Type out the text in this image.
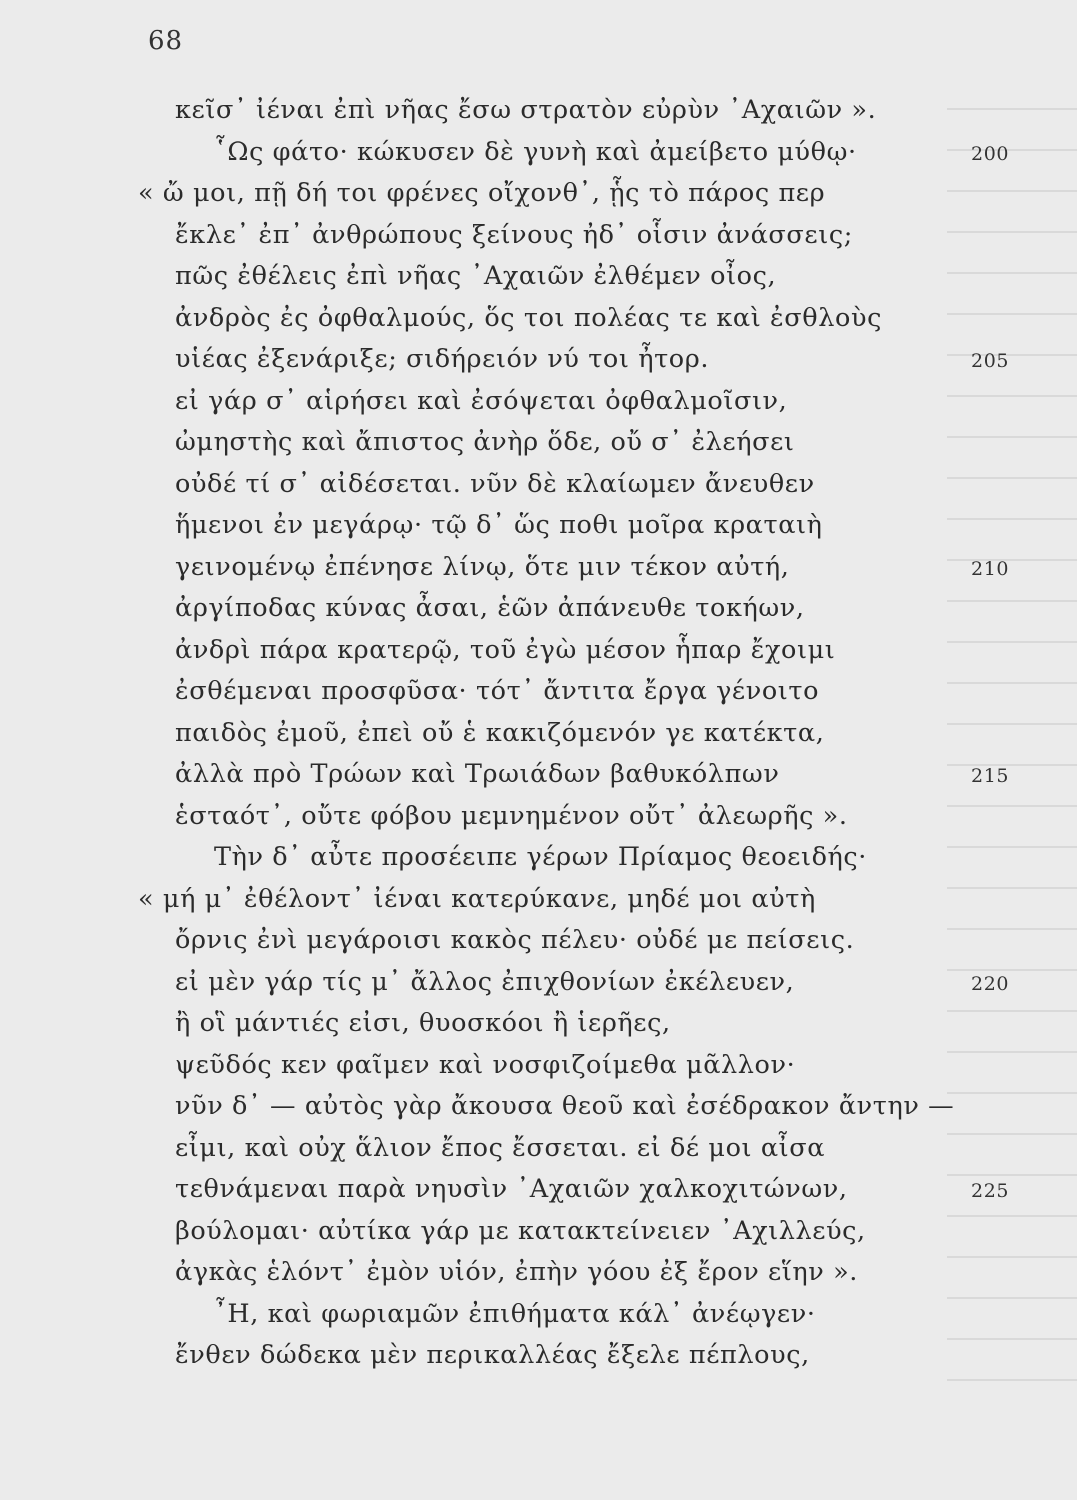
68
κεῖσ᾽ ἰέναι ἐπὶ νῆας ἔσω στρατὸν εὐρὺν ᾿Αχαιῶν ».
῟Ως φάτο· κώκυσεν δὲ γυνὴ καὶ ἀμείβετο μύθῳ·	200
« ὤ μοι, πῇ δή τοι φρένες οἴχονθ᾽, ᾗς τὸ πάρος περ
ἔκλε᾽ ἐπ᾽ ἀνθρώπους ξείνους ἠδ᾽ οἷσιν ἀνάσσεις;
πῶς ἐθέλεις ἐπὶ νῆας ᾿Αχαιῶν ἐλθέμεν οἶος,
ἀνδρὸς ἐς ὀφθαλμούς, ὅς τοι πολέας τε καὶ ἐσθλοὺς
υἱέας ἐξενάριξε; σιδήρειόν νύ τοι ἦτορ.	205
εἰ γάρ σ᾽ αἱρήσει καὶ ἐσόψεται ὀφθαλμοῖσιν,
ὠμηστὴς καὶ ἄπιστος ἀνὴρ ὅδε, οὔ σ᾽ ἐλεήσει
οὐδέ τί σ᾽ αἰδέσεται. νῦν δὲ κλαίωμεν ἄνευθεν
ἥμενοι ἐν μεγάρῳ· τῷ δ᾽ ὥς ποθι μοῖρα κραταιὴ
γεινομένῳ ἐπένησε λίνῳ, ὅτε μιν τέκον αὐτή,	210
ἀργίποδας κύνας ἆσαι, ἑῶν ἀπάνευθε τοκήων,
ἀνδρὶ πάρα κρατερῷ, τοῦ ἐγὼ μέσον ἧπαρ ἔχοιμι
ἐσθέμεναι προσφῦσα· τότ᾽ ἄντιτα ἔργα γένοιτο
παιδὸς ἐμοῦ, ἐπεὶ οὔ ἑ κακιζόμενόν γε κατέκτα,
ἀλλὰ πρὸ Τρώων καὶ Τρωιάδων βαθυκόλπων	215
ἑσταότ᾽, οὔτε φόβου μεμνημένον οὔτ᾽ ἀλεωρῆς ».
Τὴν δ᾽ αὖτε προσέειπε γέρων Πρίαμος θεοειδής·
« μή μ᾽ ἐθέλοντ᾽ ἰέναι κατερύκανε, μηδέ μοι αὐτὴ
ὄρνις ἐνὶ μεγάροισι κακὸς πέλευ· οὐδέ με πείσεις.
εἰ μὲν γάρ τίς μ᾽ ἄλλος ἐπιχθονίων ἐκέλευεν,	220
ἢ οἳ μάντιές εἰσι, θυοσκόοι ἢ ἱερῆες,
ψεῦδός κεν φαῖμεν καὶ νοσφιζοίμεθα μᾶλλον·
νῦν δ᾽ — αὐτὸς γὰρ ἄκουσα θεοῦ καὶ ἐσέδρακον ἄντην —
εἶμι, καὶ οὐχ ἅλιον ἔπος ἔσσεται. εἰ δέ μοι αἶσα
τεθνάμεναι παρὰ νηυσὶν ᾿Αχαιῶν χαλκοχιτώνων,	225
βούλομαι· αὐτίκα γάρ με κατακτείνειεν ᾿Αχιλλεύς,
ἀγκὰς ἑλόντ᾽ ἐμὸν υἱόν, ἐπὴν γόου ἐξ ἔρον εἵην ».
῏Η, καὶ φωριαμῶν ἐπιθήματα κάλ᾽ ἀνέῳγεν·
ἔνθεν δώδεκα μὲν περικαλλέας ἔξελε πέπλους,
